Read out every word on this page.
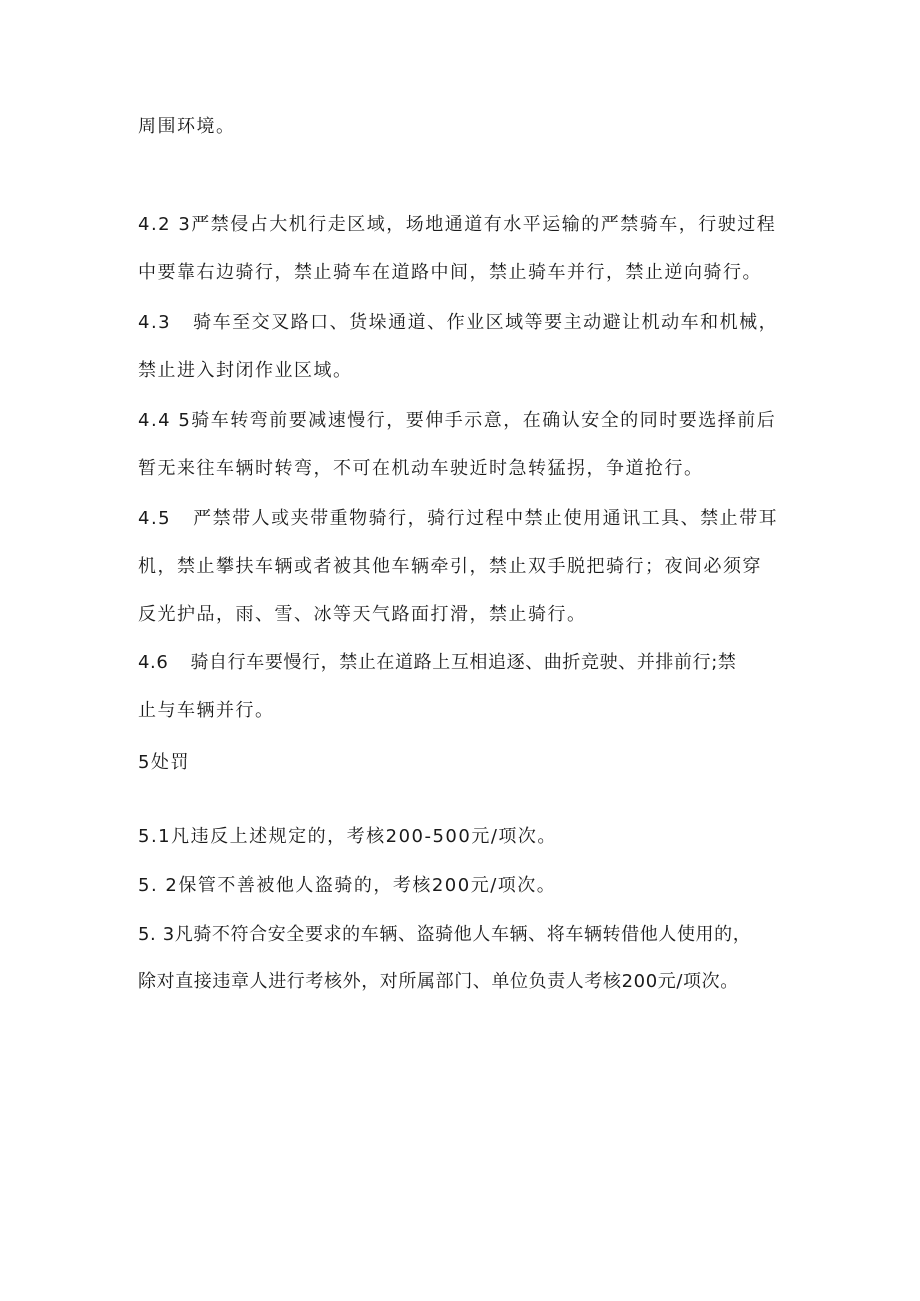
周围环境。
4.2 3严禁侵占大机行走区域，场地通道有水平运输的严禁骑车，行驶过程
中要靠右边骑行，禁止骑车在道路中间，禁止骑车并行，禁止逆向骑行。
4.3 骑车至交叉路口、货垛通道、作业区域等要主动避让机动车和机械，
禁止进入封闭作业区域。
4.4 5骑车转弯前要减速慢行，要伸手示意，在确认安全的同时要选择前后
暂无来往车辆时转弯，不可在机动车驶近时急转猛拐，争道抢行。
4.5 严禁带人或夹带重物骑行，骑行过程中禁止使用通讯工具、禁止带耳
机，禁止攀扶车辆或者被其他车辆牵引，禁止双手脱把骑行；夜间必须穿
反光护品，雨、雪、冰等天气路面打滑，禁止骑行。
4.6 骑自行车要慢行，禁止在道路上互相追逐、曲折竞驶、并排前行;禁
止与车辆并行。
5处罚
5.1凡违反上述规定的，考核200-500元/项次。
5. 2保管不善被他人盗骑的，考核200元/项次。
5. 3凡骑不符合安全要求的车辆、盗骑他人车辆、将车辆转借他人使用的，
除对直接违章人进行考核外，对所属部门、单位负责人考核200元/项次。
